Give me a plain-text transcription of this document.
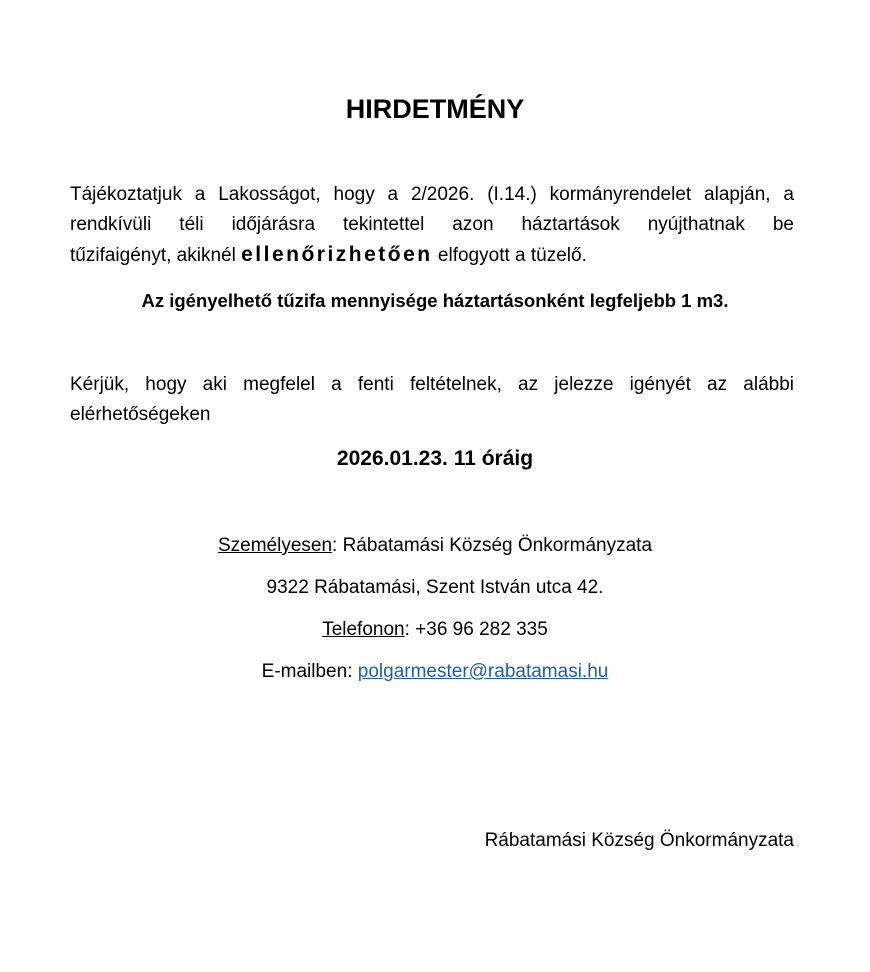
HIRDETMÉNY
Tájékoztatjuk a Lakosságot, hogy a 2/2026. (I.14.) kormányrendelet alapján, a
rendkívüli téli időjárásra tekintettel azon háztartások nyújthatnak be
tűzifaigényt, akiknél ellenőrizhetően elfogyott a tüzelő.
Az igényelhető tűzifa mennyisége háztartásonként legfeljebb 1 m3.
Kérjük, hogy aki megfelel a fenti feltételnek, az jelezze igényét az alábbi
elérhetőségeken
2026.01.23. 11 óráig
Személyesen: Rábatamási Község Önkormányzata
9322 Rábatamási, Szent István utca 42.
Telefonon: +36 96 282 335
E-mailben: polgarmester@rabatamasi.hu
Rábatamási Község Önkormányzata
